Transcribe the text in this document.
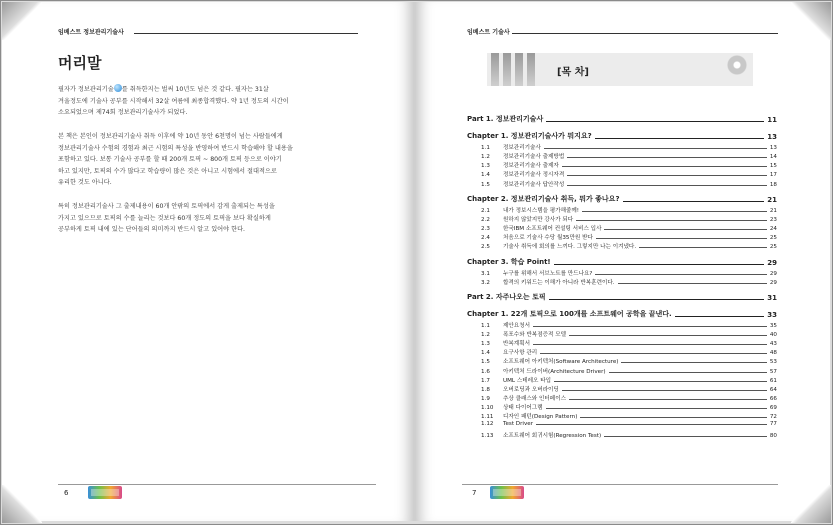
임베스트 정보관리기술사
머리말
필자가 정보관리기술 를 취득한지는 벌써 10년도 넘은 것 같다. 필자는 31살
겨울정도에 기술사 공부를 시작해서 32살 여름에 최종합격했다. 약 1년 정도의 시간이
소요되었으며 제74회 정보관리기술사가 되었다.
본 책은 본인이 정보관리기술사 취득 이후에 약 10년 동안 6천명이 넘는 사람들에게
정보관리기술사 수험의 경험과 최근 시험의 특성을 반영하여 반드시 학습해야 할 내용을
포함하고 있다. 보통 기술사 공부를 할 때 200개 토픽 ~ 800개 토픽 등으로 이야기
하고 있지만, 토픽의 수가 많다고 학습량이 많은 것은 아니고 시험에서 절대적으로
유리한 것도 아니다.
특히 정보관리기술사 그 출제내용이 60개 안팎의 토픽에서 감게 출제되는 특성을
가지고 있으므로 토픽의 수를 늘리는 것보다 60개 정도의 토픽을 보다 확실하게
공부하게 토픽 내에 있는 단어들의 의미까지 반드시 알고 있어야 한다.
6
임베스트 기술사
[목 차]
Part 1. 정보관리기술사	11
Chapter 1. 정보관리기술사가 뭐지요?	13
1.1 정보관리기술사	13
1.2 정보관리기술사 출제방법	14
1.3 정보관리기술사 출제자	15
1.4 정보관리기술사 정시자격	17
1.5 정보관리기술사 답안작성	18
Chapter 2. 정보관리기술사 취득, 뭐가 좋나요?	21
2.1 내가 정보시스템을 평가해줄께!	21
2.2 원하지 않았지만 강사가 되다	23
2.3 한국IBM 소프트웨어 컨설팅 서비스 입사	24
2.4 처음으로 기술사 수당 월35만원 받다	25
2.5 기술사 취득에 회의를 느끼다. 그렇지만 나는 이겨냈다.	25
Chapter 3. 학습 Point!	29
3.1 누구를 위해서 서브노트를 만드나요?	29
3.2 합격의 키워드는 이해가 아니라 반복훈련이다.	29
Part 2. 자주나오는 토픽	31
Chapter 1. 22개 토픽으로 100개를 소프트웨어 공학을 끝낸다.	33
1.1 제안요청서	35
1.2 폭포수와 반복점증적 모델	40
1.3 반복계획서	43
1.4 요구사항 관리	48
1.5 소프트웨어 아키텍처(Software Architecture)	53
1.6 아키텍처 드라이버(Architecture Driver)	57
1.7 UML 스테레오 타입	61
1.8 오버로딩과 오버라이딩	64
1.9 추상 클래스와 인터페이스	66
1.10 상태 다이어그램	69
1.11 디자인 패턴(Design Pattern)	72
1.12 Test Driver	77
1.13 소프트웨어 회귀시험(Regression Test)	80
7
